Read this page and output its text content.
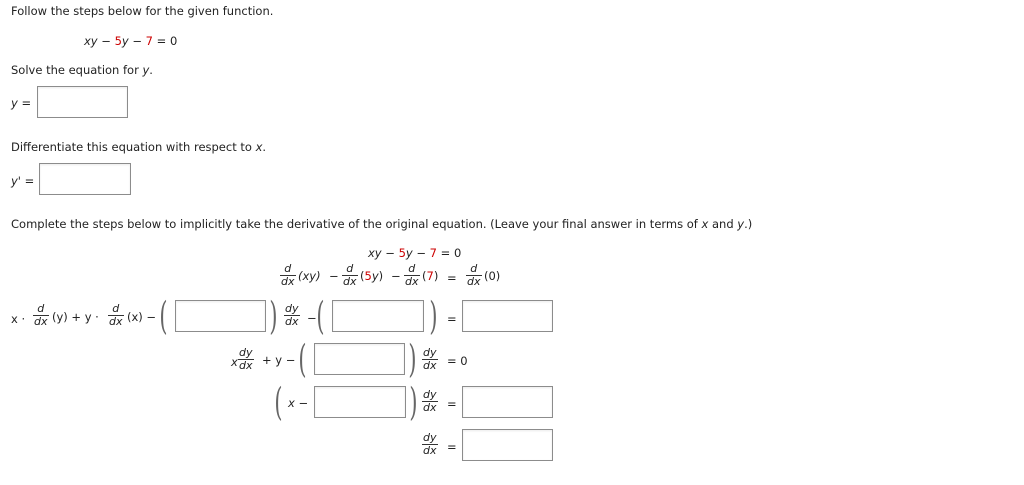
Follow the steps below for the given function.
xy − 5y − 7 = 0
Solve the equation for y.
y =
Differentiate this equation with respect to x.
y' =
Complete the steps below to implicitly take the derivative of the original equation. (Leave your final answer in terms of x and y.)
xy − 5y − 7 = 0
d
dx (xy) −
d
dx (5y) −
d
dx (7) =
d
dx (0)
x ·
d
dx (y) + y ·
d
dx (x) − (	) dy
dx − (	) =
x
dy
dx + y − (	) dy
dx = 0
( x −	) dy
dx =
dy
dx =
